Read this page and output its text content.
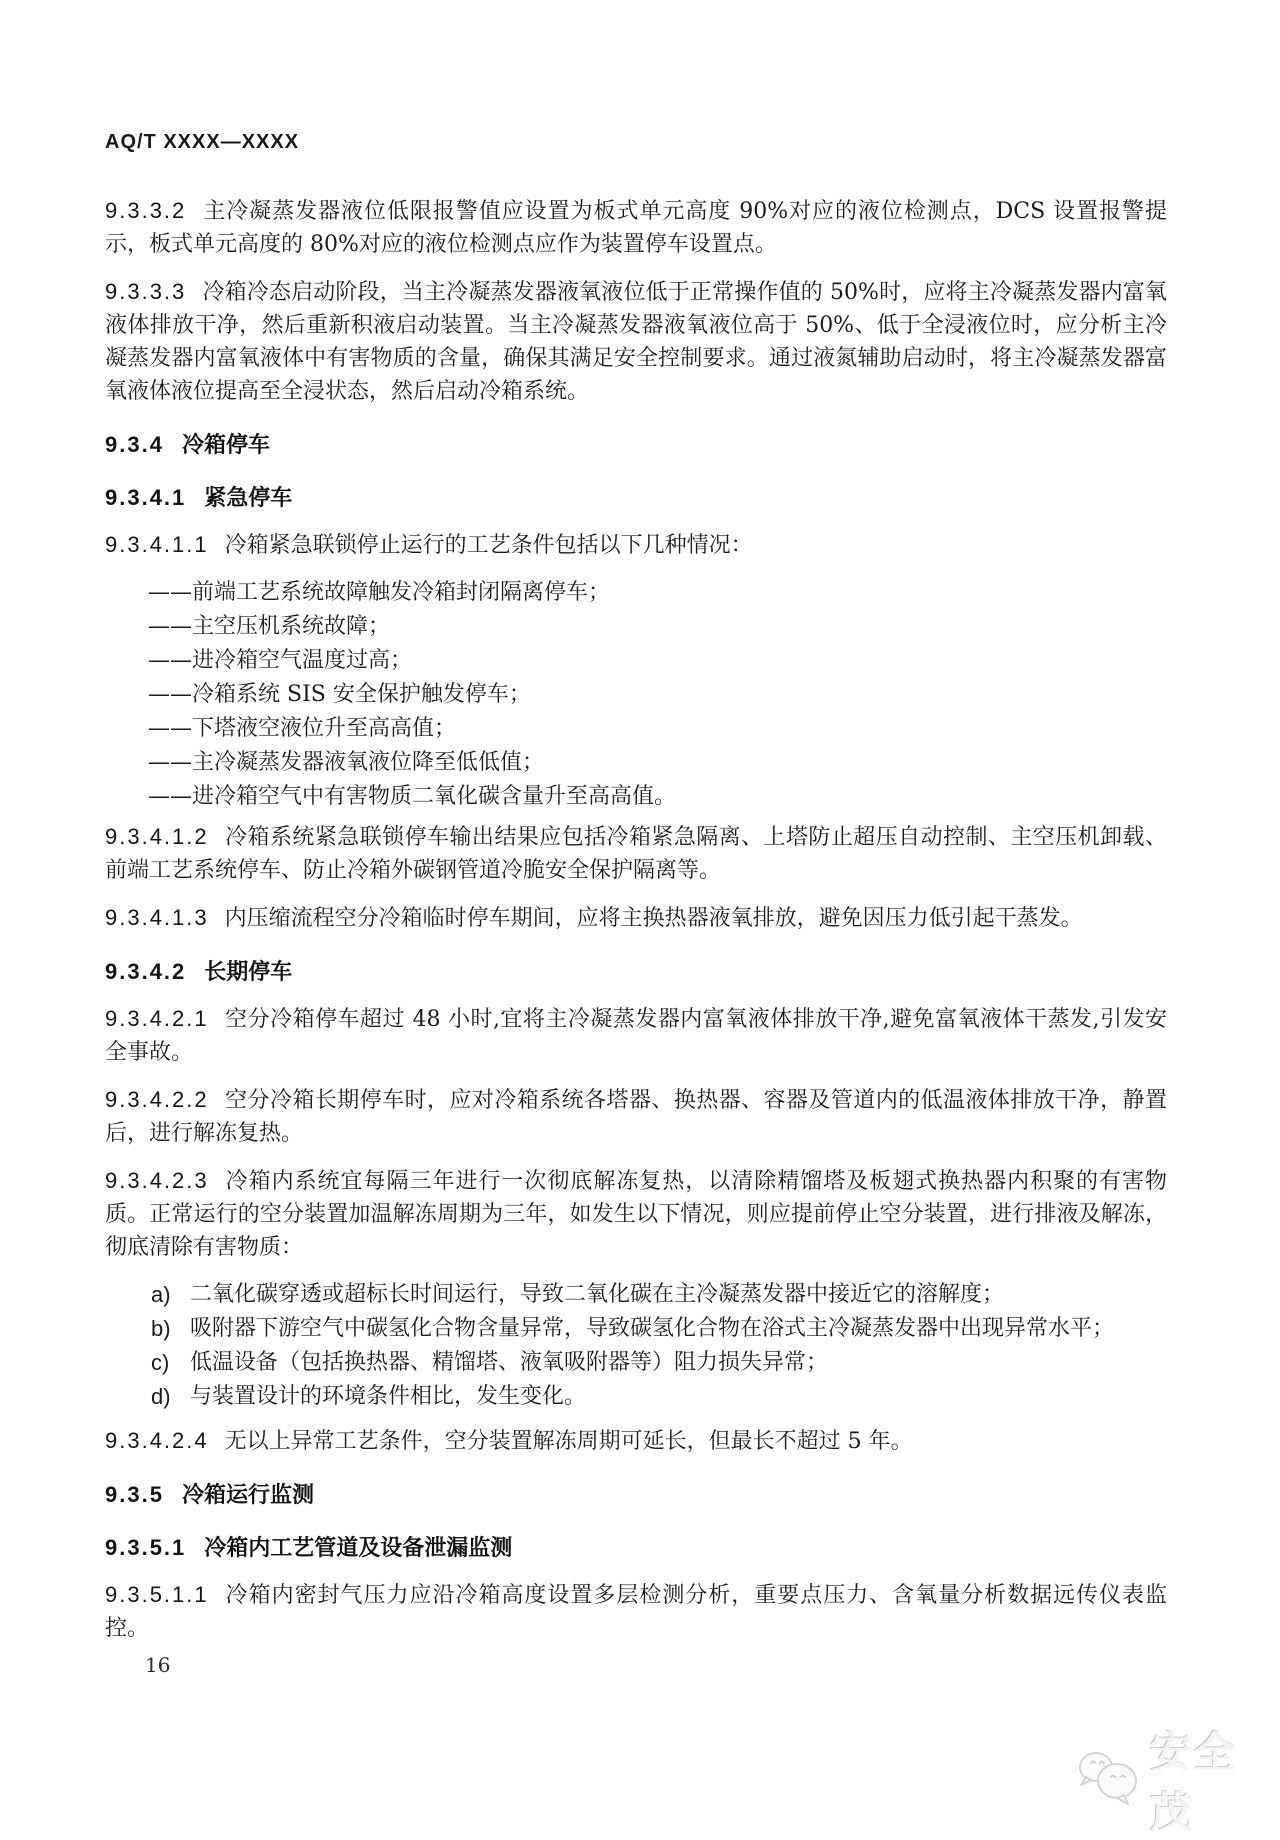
AQ/T XXXX—XXXX

9.3.3.2 主冷凝蒸发器液位低限报警值应设置为板式单元高度 90%对应的液位检测点，DCS 设置报警提示，板式单元高度的 80%对应的液位检测点应作为装置停车设置点。

9.3.3.3 冷箱冷态启动阶段，当主冷凝蒸发器液氧液位低于正常操作值的 50%时，应将主冷凝蒸发器内富氧液体排放干净，然后重新积液启动装置。当主冷凝蒸发器液氧液位高于 50%、低于全浸液位时，应分析主冷凝蒸发器内富氧液体中有害物质的含量，确保其满足安全控制要求。通过液氮辅助启动时，将主冷凝蒸发器富氧液体液位提高至全浸状态，然后启动冷箱系统。

9.3.4 冷箱停车

9.3.4.1 紧急停车

9.3.4.1.1 冷箱紧急联锁停止运行的工艺条件包括以下几种情况：

——前端工艺系统故障触发冷箱封闭隔离停车；
——主空压机系统故障；
——进冷箱空气温度过高；
——冷箱系统 SIS 安全保护触发停车；
——下塔液空液位升至高高值；
——主冷凝蒸发器液氧液位降至低低值；
——进冷箱空气中有害物质二氧化碳含量升至高高值。

9.3.4.1.2 冷箱系统紧急联锁停车输出结果应包括冷箱紧急隔离、上塔防止超压自动控制、主空压机卸载、前端工艺系统停车、防止冷箱外碳钢管道冷脆安全保护隔离等。

9.3.4.1.3 内压缩流程空分冷箱临时停车期间，应将主换热器液氧排放，避免因压力低引起干蒸发。

9.3.4.2 长期停车

9.3.4.2.1 空分冷箱停车超过 48 小时,宜将主冷凝蒸发器内富氧液体排放干净,避免富氧液体干蒸发,引发安全事故。

9.3.4.2.2 空分冷箱长期停车时，应对冷箱系统各塔器、换热器、容器及管道内的低温液体排放干净，静置后，进行解冻复热。

9.3.4.2.3 冷箱内系统宜每隔三年进行一次彻底解冻复热，以清除精馏塔及板翅式换热器内积聚的有害物质。正常运行的空分装置加温解冻周期为三年，如发生以下情况，则应提前停止空分装置，进行排液及解冻，彻底清除有害物质：

a) 二氧化碳穿透或超标长时间运行，导致二氧化碳在主冷凝蒸发器中接近它的溶解度；
b) 吸附器下游空气中碳氢化合物含量异常，导致碳氢化合物在浴式主冷凝蒸发器中出现异常水平；
c) 低温设备（包括换热器、精馏塔、液氧吸附器等）阻力损失异常；
d) 与装置设计的环境条件相比，发生变化。

9.3.4.2.4 无以上异常工艺条件，空分装置解冻周期可延长，但最长不超过 5 年。

9.3.5 冷箱运行监测

9.3.5.1 冷箱内工艺管道及设备泄漏监测

9.3.5.1.1 冷箱内密封气压力应沿冷箱高度设置多层检测分析，重要点压力、含氧量分析数据远传仪表监控。

16
安全茂
